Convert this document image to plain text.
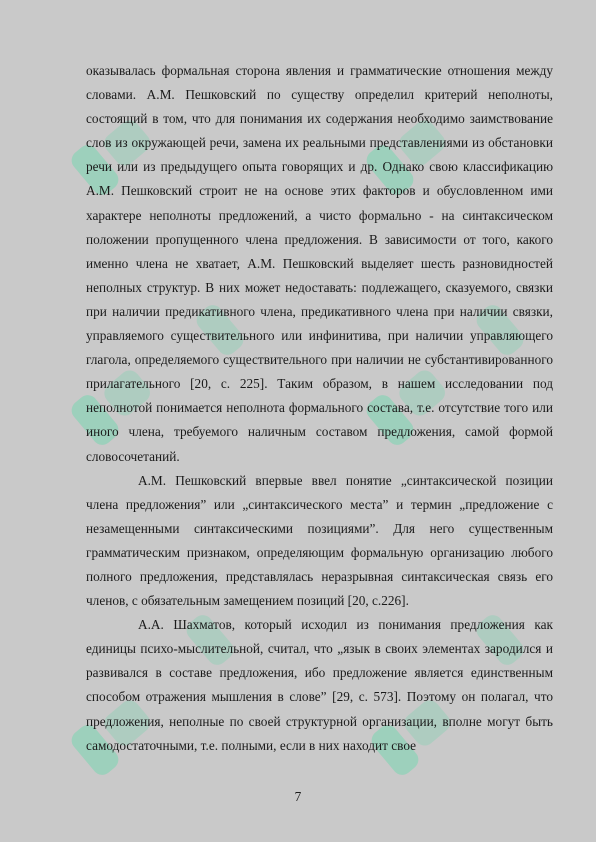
оказывалась формальная сторона явления и грамматические отношения между словами. А.М. Пешковский по существу определил критерий неполноты, состоящий в том, что для понимания их содержания необходимо заимствование слов из окружающей речи, замена их реальными представлениями из обстановки речи или из предыдущего опыта говорящих и др. Однако свою классификацию А.М. Пешковский строит не на основе этих факторов и обусловленном ими характере неполноты предложений, а чисто формально - на синтаксическом положении пропущенного члена предложения. В зависимости от того, какого именно члена не хватает, А.М. Пешковский выделяет шесть разновидностей неполных структур. В них может недоставать: подлежащего, сказуемого, связки при наличии предикативного члена, предикативного члена при наличии связки, управляемого существительного или инфинитива, при наличии управляющего глагола, определяемого существительного при наличии не субстантивированного прилагательного [20, с. 225]. Таким образом, в нашем исследовании под неполнотой понимается неполнота формального состава, т.е. отсутствие того или иного члена, требуемого наличным составом предложения, самой формой словосочетаний.

А.М. Пешковский впервые ввел понятие „синтаксической позиции члена предложения” или „синтаксического места” и термин „предложение с незамещенными синтаксическими позициями”. Для него существенным грамматическим признаком, определяющим формальную организацию любого полного предложения, представлялась неразрывная синтаксическая связь его членов, с обязательным замещением позиций [20, с.226].

А.А. Шахматов, который исходил из понимания предложения как единицы психо-мыслительной, считал, что „язык в своих элементах зародился и развивался в составе предложения, ибо предложение является единственным способом отражения мышления в слове” [29, с. 573]. Поэтому он полагал, что предложения, неполные по своей структурной организации, вполне могут быть самодостаточными, т.е. полными, если в них находит свое

7
